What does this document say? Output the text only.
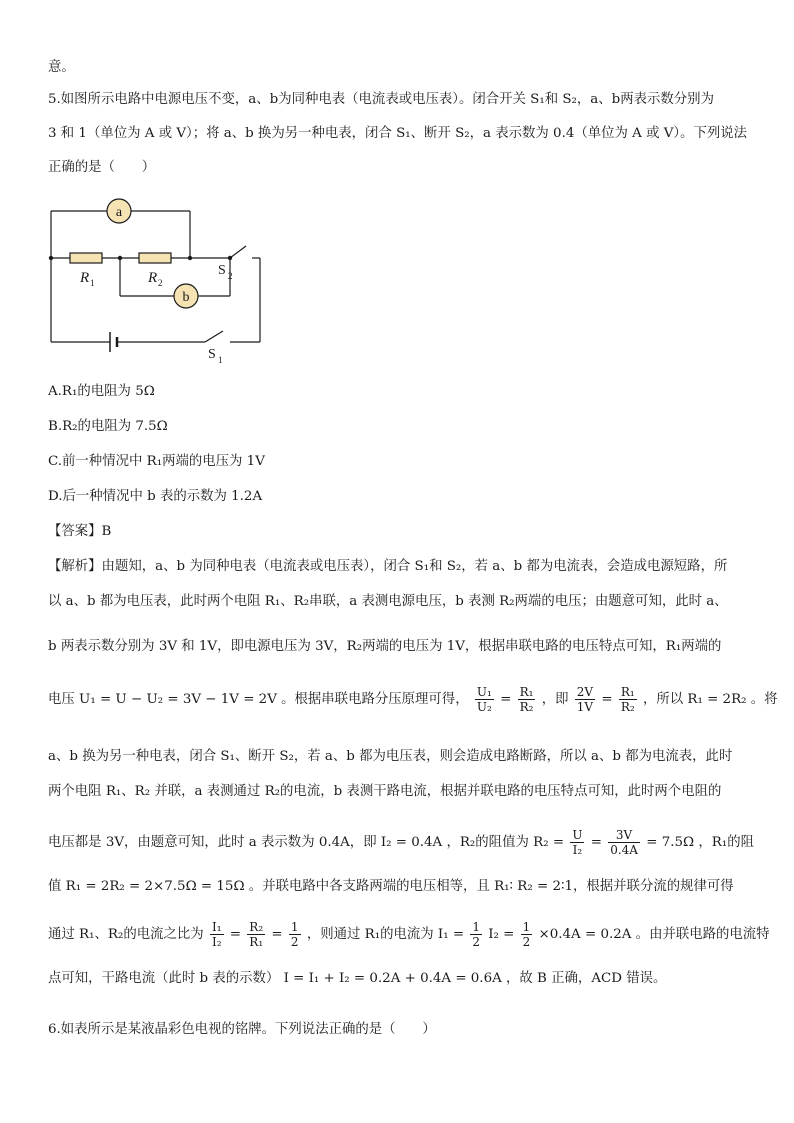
意。
5.如图所示电路中电源电压不变，a、b为同种电表（电流表或电压表）。闭合开关 S₁和 S₂，a、b两表示数分别为
3 和 1（单位为 A 或 V）；将 a、b 换为另一种电表，闭合 S₁、断开 S₂，a 表示数为 0.4（单位为 A 或 V）。下列说法
正确的是（　　）
a
b
R 1	R 2
S 2
S 1
A.R₁的电阻为 5Ω
B.R₂的电阻为 7.5Ω
C.前一种情况中 R₁两端的电压为 1V
D.后一种情况中 b 表的示数为 1.2A
【答案】B
【解析】由题知，a、b 为同种电表（电流表或电压表），闭合 S₁和 S₂，若 a、b 都为电流表，会造成电源短路，所
以 a、b 都为电压表，此时两个电阻 R₁、R₂串联，a 表测电源电压，b 表测 R₂两端的电压；由题意可知，此时 a、
b 两表示数分别为 3V 和 1V，即电源电压为 3V，R₂两端的电压为 1V，根据串联电路的电压特点可知，R₁两端的
电压 U₁ = U − U₂ = 3V − 1V = 2V 。根据串联电路分压原理可得， $\frac{\text{U₁}}{\text{U₂}} = \frac{\text{R₁}}{\text{R₂}}$ ，即 $\frac{2V}{1V} = \frac{\text{R₁}}{\text{R₂}}$ ，所以 R₁ = 2R₂ 。将
a、b 换为另一种电表，闭合 S₁、断开 S₂，若 a、b 都为电压表，则会造成电路断路，所以 a、b 都为电流表，此时
两个电阻 R₁、R₂ 并联，a 表测通过 R₂的电流，b 表测干路电流，根据并联电路的电压特点可知，此时两个电阻的
电压都是 3V，由题意可知，此时 a 表示数为 0.4A，即 I₂ = 0.4A ，R₂的阻值为 $R_2 = \frac{U}{\text{I₂}} = \frac{3V}{0.4A} = 7.5\Omega$ ，R₁的阻
值 R₁ = 2R₂ = 2×7.5Ω = 15Ω 。并联电路中各支路两端的电压相等，且 R₁∶ R₂ = 2∶1，根据并联分流的规律可得
通过 R₁、R₂的电流之比为 $\frac{\text{I₁}}{\text{I₂}} = \frac{\text{R₂}}{\text{R₁}} = \frac{1}{2}$ ，则通过 R₁的电流为 $I_1 = \frac{1}{2} I_2 = \frac{1}{2} \times 0.4A = 0.2A$ 。由并联电路的电流特
点可知，干路电流（此时 b 表的示数） I = I₁ + I₂ = 0.2A + 0.4A = 0.6A ，故 B 正确，ACD 错误。
6.如表所示是某液晶彩色电视的铭牌。下列说法正确的是（　　）
